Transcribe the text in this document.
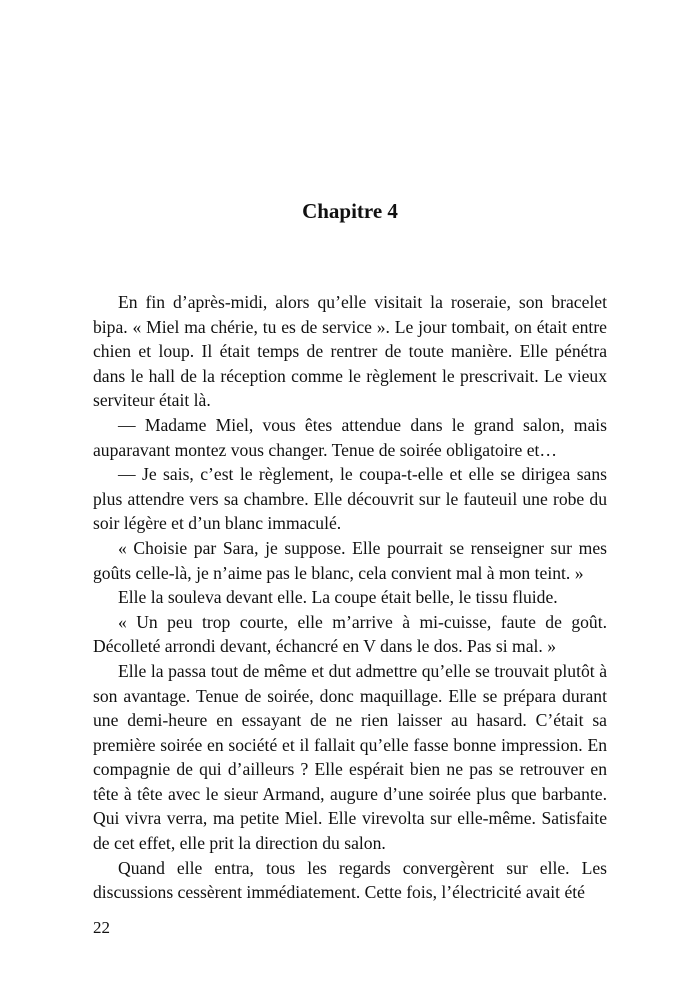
Chapitre 4

En fin d’après-midi, alors qu’elle visitait la roseraie, son bracelet bipa. « Miel ma chérie, tu es de service ». Le jour tombait, on était entre chien et loup. Il était temps de rentrer de toute manière. Elle pénétra dans le hall de la réception comme le règlement le prescrivait. Le vieux serviteur était là.

— Madame Miel, vous êtes attendue dans le grand salon, mais auparavant montez vous changer. Tenue de soirée obligatoire et…

— Je sais, c’est le règlement, le coupa-t-elle et elle se dirigea sans plus attendre vers sa chambre. Elle découvrit sur le fauteuil une robe du soir légère et d’un blanc immaculé.

« Choisie par Sara, je suppose. Elle pourrait se renseigner sur mes goûts celle-là, je n’aime pas le blanc, cela convient mal à mon teint. »

Elle la souleva devant elle. La coupe était belle, le tissu fluide.

« Un peu trop courte, elle m’arrive à mi-cuisse, faute de goût. Décolleté arrondi devant, échancré en V dans le dos. Pas si mal. »

Elle la passa tout de même et dut admettre qu’elle se trouvait plutôt à son avantage. Tenue de soirée, donc maquillage. Elle se prépara durant une demi-heure en essayant de ne rien laisser au hasard. C’était sa première soirée en société et il fallait qu’elle fasse bonne impression. En compagnie de qui d’ailleurs ? Elle espérait bien ne pas se retrouver en tête à tête avec le sieur Armand, augure d’une soirée plus que barbante. Qui vivra verra, ma petite Miel. Elle virevolta sur elle-même. Satisfaite de cet effet, elle prit la direction du salon.

Quand elle entra, tous les regards convergèrent sur elle. Les discussions cessèrent immédiatement. Cette fois, l’électricité avait été

22
